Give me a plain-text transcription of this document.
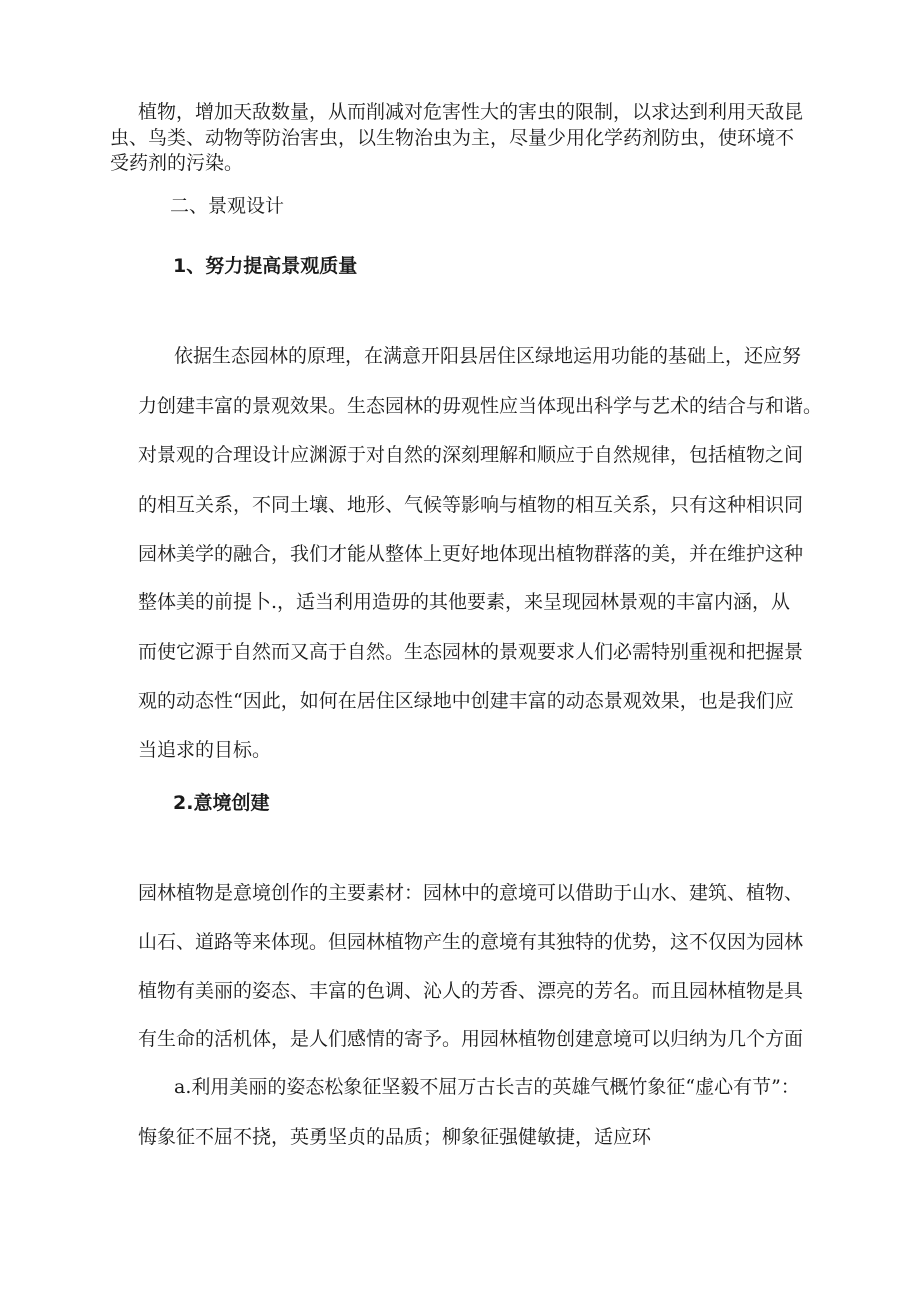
植物，增加天敌数量，从而削减对危害性大的害虫的限制，以求达到利用天敌昆
虫、鸟类、动物等防治害虫，以生物治虫为主，尽量少用化学药剂防虫，使环境不
受药剂的污染。
二、景观设计
1、努力提高景观质量
依据生态园林的原理，在满意开阳县居住区绿地运用功能的基础上，还应努
力创建丰富的景观效果。生态园林的毋观性应当体现出科学与艺术的结合与和谐。
对景观的合理设计应渊源于对自然的深刻理解和顺应于自然规律，包括植物之间
的相互关系，不同土壤、地形、气候等影响与植物的相互关系，只有这种相识同
园林美学的融合，我们才能从整体上更好地体现出植物群落的美，并在维护这种
整体美的前提卜.，适当利用造毋的其他要素，来呈现园林景观的丰富内涵，从
而使它源于自然而又高于自然。生态园林的景观要求人们必需特别重视和把握景
观的动态性“因此，如何在居住区绿地中创建丰富的动态景观效果，也是我们应
当追求的目标。
2.意境创建
园林植物是意境创作的主要素材：园林中的意境可以借助于山水、建筑、植物、
山石、道路等来体现。但园林植物产生的意境有其独特的优势，这不仅因为园林
植物有美丽的姿态、丰富的色调、沁人的芳香、漂亮的芳名。而且园林植物是具
有生命的活机体，是人们感情的寄予。用园林植物创建意境可以归纳为几个方面
a.利用美丽的姿态松象征坚毅不屈万古长吉的英雄气概竹象征“虚心有节”：
悔象征不屈不挠，英勇坚贞的品质；柳象征强健敏捷，适应环
